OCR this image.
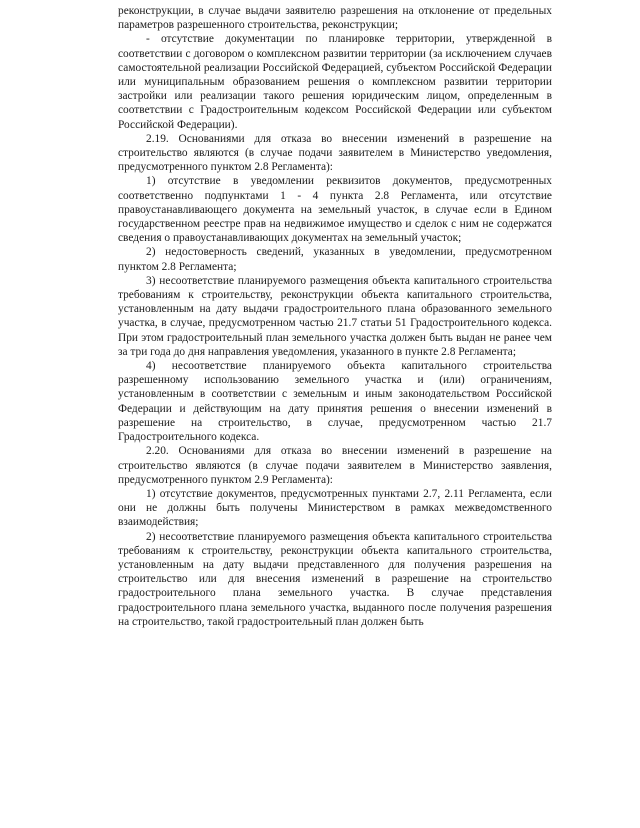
реконструкции, в случае выдачи заявителю разрешения на отклонение от предельных параметров разрешенного строительства, реконструкции;

- отсутствие документации по планировке территории, утвержденной в соответствии с договором о комплексном развитии территории (за исключением случаев самостоятельной реализации Российской Федерацией, субъектом Российской Федерации или муниципальным образованием решения о комплексном развитии территории застройки или реализации такого решения юридическим лицом, определенным в соответствии с Градостроительным кодексом Российской Федерации или субъектом Российской Федерации).

2.19. Основаниями для отказа во внесении изменений в разрешение на строительство являются (в случае подачи заявителем в Министерство уведомления, предусмотренного пунктом 2.8 Регламента):

1) отсутствие в уведомлении реквизитов документов, предусмотренных соответственно подпунктами 1 - 4 пункта 2.8 Регламента, или отсутствие правоустанавливающего документа на земельный участок, в случае если в Едином государственном реестре прав на недвижимое имущество и сделок с ним не содержатся сведения о правоустанавливающих документах на земельный участок;

2) недостоверность сведений, указанных в уведомлении, предусмотренном пунктом 2.8 Регламента;

3) несоответствие планируемого размещения объекта капитального строительства требованиям к строительству, реконструкции объекта капитального строительства, установленным на дату выдачи градостроительного плана образованного земельного участка, в случае, предусмотренном частью 21.7 статьи 51 Градостроительного кодекса. При этом градостроительный план земельного участка должен быть выдан не ранее чем за три года до дня направления уведомления, указанного в пункте 2.8 Регламента;

4) несоответствие планируемого объекта капитального строительства разрешенному использованию земельного участка и (или) ограничениям, установленным в соответствии с земельным и иным законодательством Российской Федерации и действующим на дату принятия решения о внесении изменений в разрешение на строительство, в случае, предусмотренном частью 21.7 Градостроительного кодекса.

2.20. Основаниями для отказа во внесении изменений в разрешение на строительство являются (в случае подачи заявителем в Министерство заявления, предусмотренного пунктом 2.9 Регламента):

1) отсутствие документов, предусмотренных пунктами 2.7, 2.11 Регламента, если они не должны быть получены Министерством в рамках межведомственного взаимодействия;

2) несоответствие планируемого размещения объекта капитального строительства требованиям к строительству, реконструкции объекта капитального строительства, установленным на дату выдачи представленного для получения разрешения на строительство или для внесения изменений в разрешение на строительство градостроительного плана земельного участка. В случае представления градостроительного плана земельного участка, выданного после получения разрешения на строительство, такой градостроительный план должен быть
